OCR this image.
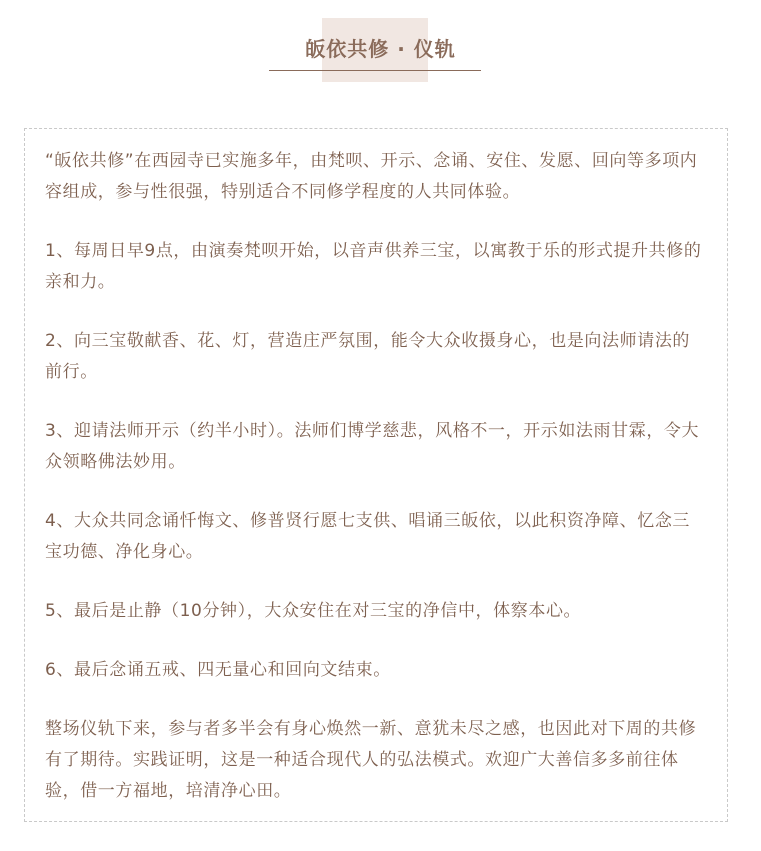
皈依共修 · 仪轨

“皈依共修”在西园寺已实施多年，由梵呗、开示、念诵、安住、发愿、回向等多项内容组成，参与性很强，特别适合不同修学程度的人共同体验。

1、每周日早9点，由演奏梵呗开始，以音声供养三宝，以寓教于乐的形式提升共修的亲和力。

2、向三宝敬献香、花、灯，营造庄严氛围，能令大众收摄身心，也是向法师请法的前行。

3、迎请法师开示（约半小时）。法师们博学慈悲，风格不一，开示如法雨甘霖，令大众领略佛法妙用。

4、大众共同念诵忏悔文、修普贤行愿七支供、唱诵三皈依，以此积资净障、忆念三宝功德、净化身心。

5、最后是止静（10分钟），大众安住在对三宝的净信中，体察本心。

6、最后念诵五戒、四无量心和回向文结束。

整场仪轨下来，参与者多半会有身心焕然一新、意犹未尽之感，也因此对下周的共修有了期待。实践证明，这是一种适合现代人的弘法模式。欢迎广大善信多多前往体验，借一方福地，培清净心田。
